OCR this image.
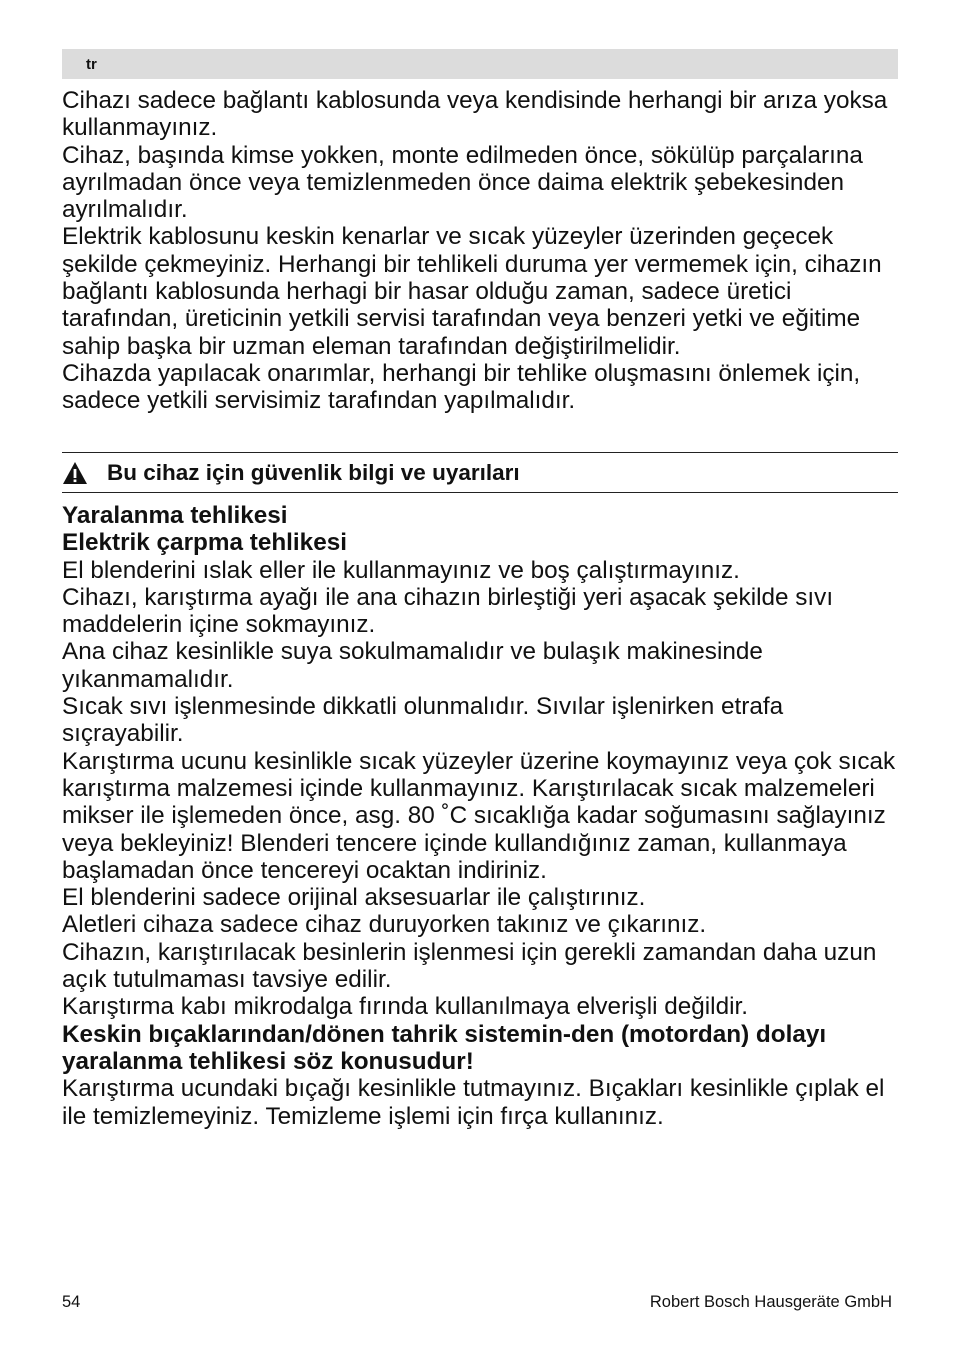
tr

Cihazı sadece bağlantı kablosunda veya kendisinde herhangi bir arıza yoksa kullanmayınız.

Cihaz, başında kimse yokken, monte edilmeden önce, sökülüp parçalarına ayrılmadan önce veya temizlenmeden önce daima elektrik şebekesinden ayrılmalıdır.

Elektrik kablosunu keskin kenarlar ve sıcak yüzeyler üzerinden geçecek şekilde çekmeyiniz. Herhangi bir tehlikeli duruma yer vermemek için, cihazın bağlantı kablosunda herhagi bir hasar olduğu zaman, sadece üretici tarafından, üreticinin yetkili servisi tarafından veya benzeri yetki ve eğitime sahip başka bir uzman eleman tarafından değiştirilmelidir.

Cihazda yapılacak onarımlar, herhangi bir tehlike oluşmasını önlemek için, sadece yetkili servisimiz tarafından yapılmalıdır.

Bu cihaz için güvenlik bilgi ve uyarıları

Yaralanma tehlikesi

Elektrik çarpma tehlikesi

El blenderini ıslak eller ile kullanmayınız ve boş çalıştırmayınız.

Cihazı, karıştırma ayağı ile ana cihazın birleştiği yeri aşacak şekilde sıvı maddelerin içine sokmayınız.

Ana cihaz kesinlikle suya sokulmamalıdır ve bulaşık makinesinde yıkanmamalıdır.

Sıcak sıvı işlenmesinde dikkatli olunmalıdır. Sıvılar işlenirken etrafa sıçrayabilir.

Karıştırma ucunu kesinlikle sıcak yüzeyler üzerine koymayınız veya çok sıcak karıştırma malzemesi içinde kullanmayınız. Karıştırılacak sıcak malzemeleri mikser ile işlemeden önce, asg. 80 ˚C sıcaklığa kadar soğumasını sağlayınız veya bekleyiniz! Blenderi tencere içinde kullandığınız zaman, kullanmaya başlamadan önce tencereyi ocaktan indiriniz.

El blenderini sadece orijinal aksesuarlar ile çalıştırınız.

Aletleri cihaza sadece cihaz duruyorken takınız ve çıkarınız.

Cihazın, karıştırılacak besinlerin işlenmesi için gerekli zamandan daha uzun açık tutulmaması tavsiye edilir.

Karıştırma kabı mikrodalga fırında kullanılmaya elverişli değildir.

Keskin bıçaklarından/dönen tahrik sistemin-den (motordan) dolayı yaralanma tehlikesi söz konusudur!

Karıştırma ucundaki bıçağı kesinlikle tutmayınız. Bıçakları kesinlikle çıplak el ile temizlemeyiniz. Temizleme işlemi için fırça kullanınız.

54	Robert Bosch Hausgeräte GmbH
